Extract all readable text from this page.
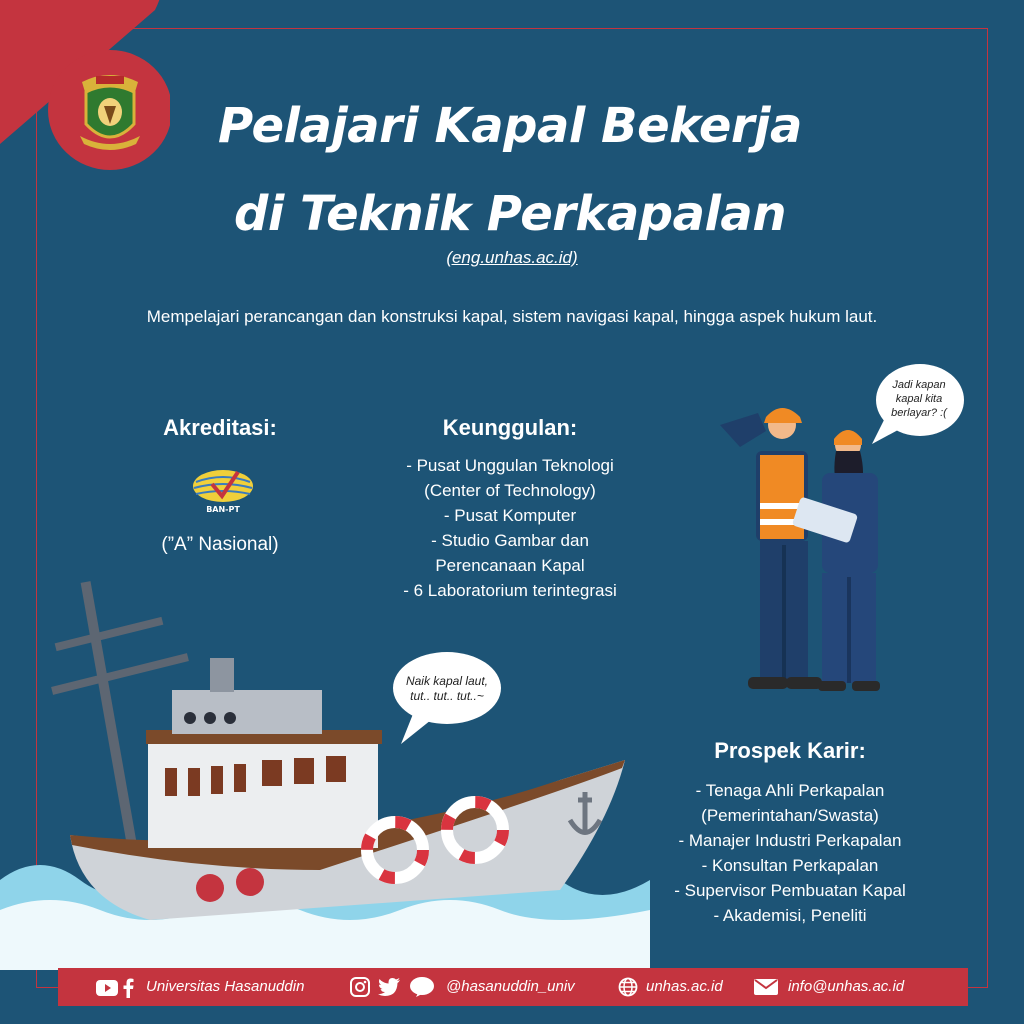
Pelajari Kapal Bekerja
di Teknik Perkapalan
(eng.unhas.ac.id)
Mempelajari perancangan dan konstruksi kapal, sistem navigasi kapal, hingga aspek hukum laut.
Akreditasi:
BAN-PT
(”A” Nasional)
Keunggulan:
- Pusat Unggulan Teknologi
(Center of Technology)
- Pusat Komputer
- Studio Gambar dan
Perencanaan Kapal
- 6 Laboratorium terintegrasi
Jadi kapan
kapal kita
berlayar? :(
Naik kapal laut,
tut.. tut.. tut..~
Prospek Karir:
- Tenaga Ahli Perkapalan
(Pemerintahan/Swasta)
- Manajer Industri Perkapalan
- Konsultan Perkapalan
- Supervisor Pembuatan Kapal
- Akademisi, Peneliti
Universitas Hasanuddin	@hasanuddin_univ	unhas.ac.id	info@unhas.ac.id
